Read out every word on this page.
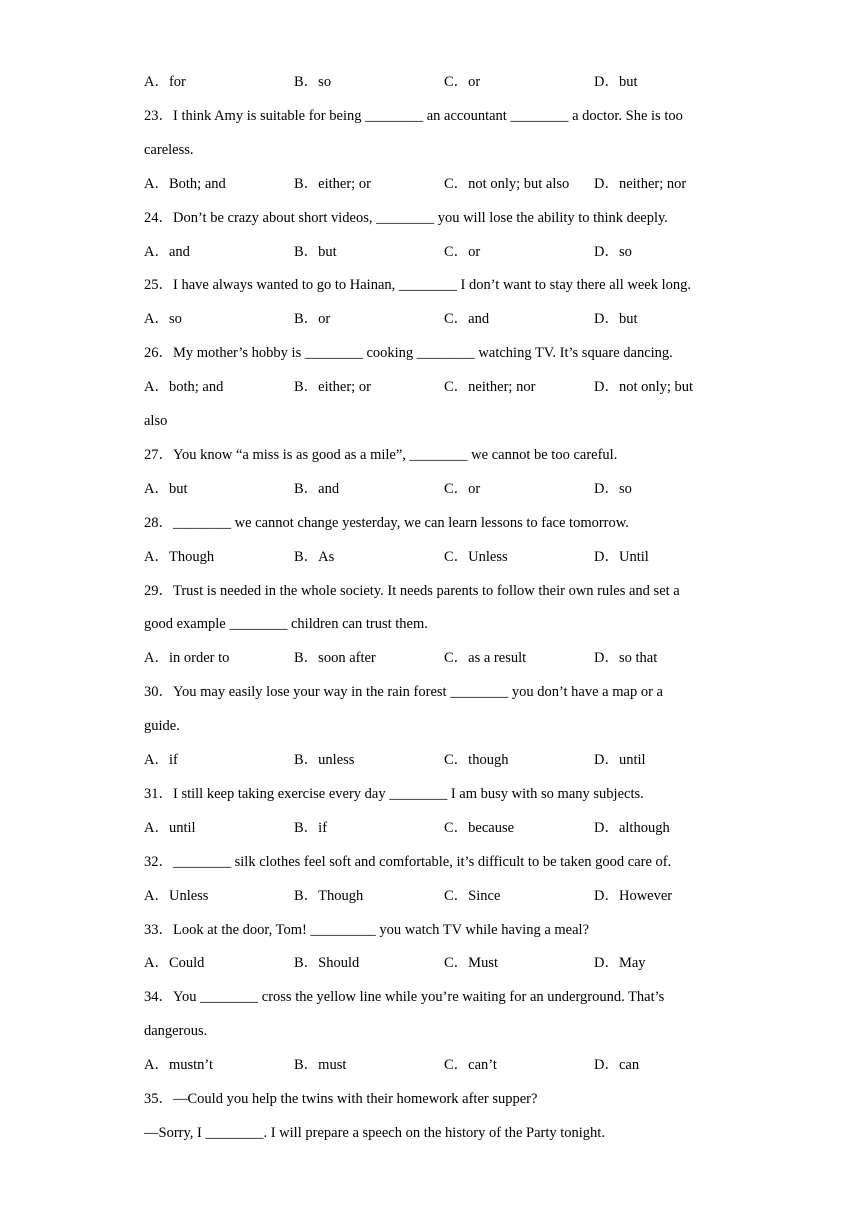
A．for	B．so	C．or	D．but
23．I think Amy is suitable for being ________ an accountant ________ a doctor. She is too
careless.
A．Both; and	B．either; or	C．not only; but also D．neither; nor
24．Don’t be crazy about short videos, ________ you will lose the ability to think deeply.
A．and	B．but	C．or	D．so
25．I have always wanted to go to Hainan, ________ I don’t want to stay there all week long.
A．so	B．or	C．and	D．but
26．My mother’s hobby is ________ cooking ________ watching TV. It’s square dancing.
A．both; and	B．either; or	C．neither; nor	D．not only; but
also
27．You know “a miss is as good as a mile”, ________ we cannot be too careful.
A．but	B．and	C．or	D．so
28．________ we cannot change yesterday, we can learn lessons to face tomorrow.
A．Though	B．As	C．Unless	D．Until
29．Trust is needed in the whole society. It needs parents to follow their own rules and set a
good example ________ children can trust them.
A．in order to	B．soon after	C．as a result	D．so that
30．You may easily lose your way in the rain forest ________ you don’t have a map or a
guide.
A．if	B．unless	C．though	D．until
31．I still keep taking exercise every day ________ I am busy with so many subjects.
A．until	B．if	C．because	D．although
32．________ silk clothes feel soft and comfortable, it’s difficult to be taken good care of.
A．Unless	B．Though	C．Since	D．However
33．Look at the door, Tom! _________ you watch TV while having a meal?
A．Could	B．Should	C．Must	D．May
34．You ________ cross the yellow line while you’re waiting for an underground. That’s
dangerous.
A．mustn’t	B．must	C．can’t	D．can
35．—Could you help the twins with their homework after supper?
—Sorry, I ________. I will prepare a speech on the history of the Party tonight.
